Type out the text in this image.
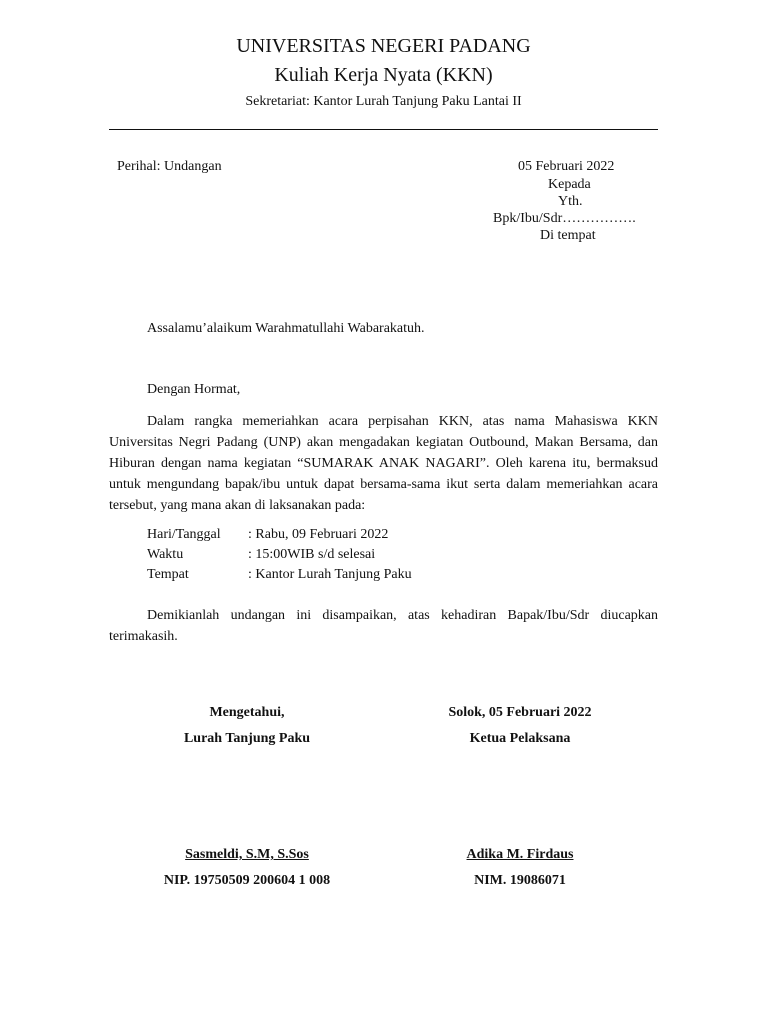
UNIVERSITAS NEGERI PADANG
Kuliah Kerja Nyata (KKN)
Sekretariat: Kantor Lurah Tanjung Paku Lantai II
Perihal: Undangan	05 Februari 2022
Kepada
Yth.
Bpk/Ibu/Sdr…………….
Di tempat
Assalamu’alaikum Warahmatullahi Wabarakatuh.
Dengan Hormat,
Dalam rangka memeriahkan acara perpisahan KKN, atas nama Mahasiswa KKN Universitas Negri Padang (UNP) akan mengadakan kegiatan Outbound, Makan Bersama, dan Hiburan dengan nama kegiatan “SUMARAK ANAK NAGARI”. Oleh karena itu, bermaksud untuk mengundang bapak/ibu untuk dapat bersama-sama ikut serta dalam memeriahkan acara tersebut, yang mana akan di laksanakan pada:
Hari/Tanggal : Rabu, 09 Februari 2022
Waktu	: 15:00WIB s/d selesai
Tempat	: Kantor Lurah Tanjung Paku
Demikianlah undangan ini disampaikan, atas kehadiran Bapak/Ibu/Sdr diucapkan terimakasih.
Mengetahui,
Lurah Tanjung Paku
Sasmeldi, S.M, S.Sos
NIP. 19750509 200604 1 008
Solok, 05 Februari 2022
Ketua Pelaksana
Adika M. Firdaus
NIM. 19086071
